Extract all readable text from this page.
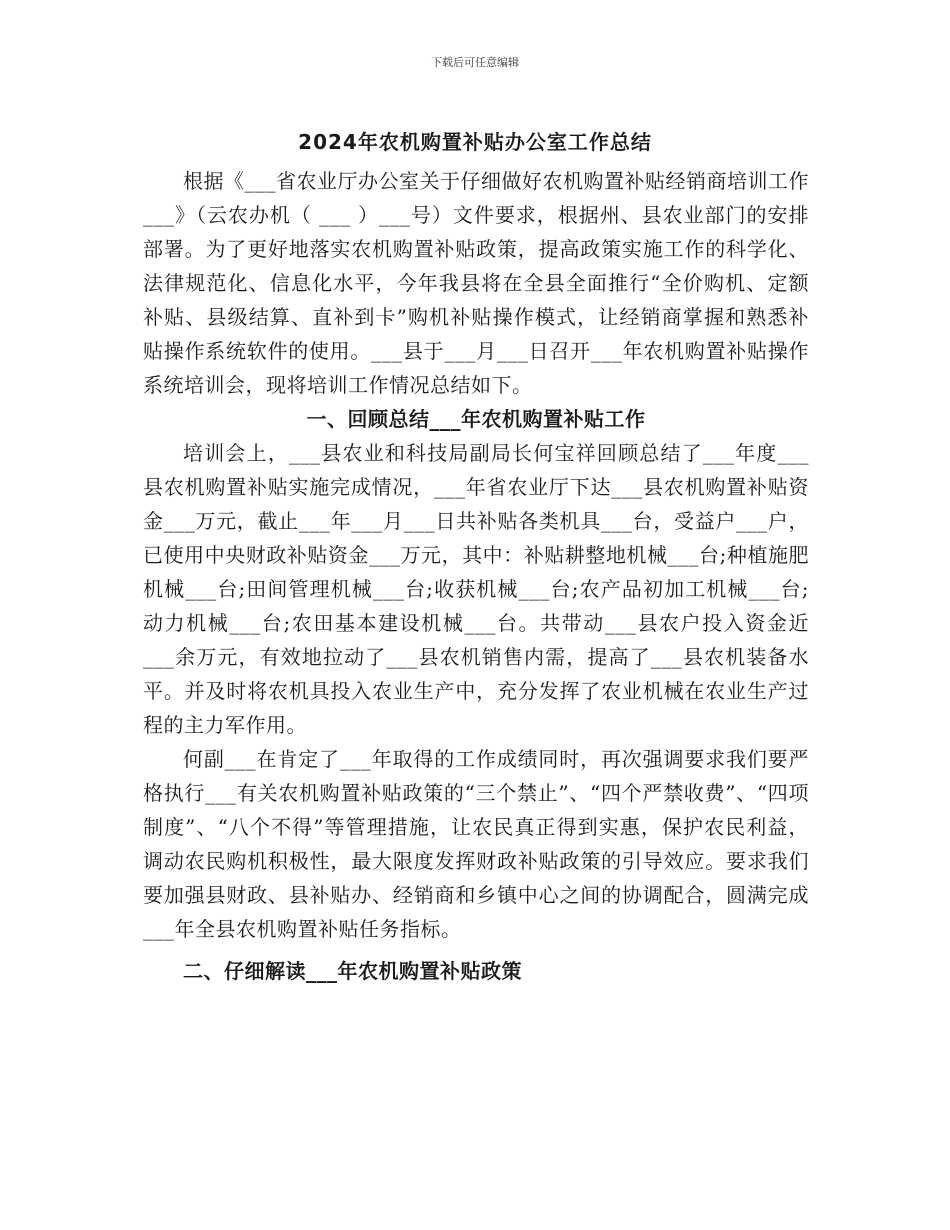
下载后可任意编辑
2024年农机购置补贴办公室工作总结

根据《___省农业厅办公室关于仔细做好农机购置补贴经销商培训工作___》（云农办机（ ___ ）___号）文件要求，根据州、县农业部门的安排部署。为了更好地落实农机购置补贴政策，提高政策实施工作的科学化、法律规范化、信息化水平，今年我县将在全县全面推行“全价购机、定额补贴、县级结算、直补到卡”购机补贴操作模式，让经销商掌握和熟悉补贴操作系统软件的使用。___县于___月___日召开___年农机购置补贴操作系统培训会，现将培训工作情况总结如下。

一、回顾总结___年农机购置补贴工作

培训会上，___县农业和科技局副局长何宝祥回顾总结了___年度___县农机购置补贴实施完成情况，___年省农业厅下达___县农机购置补贴资金___万元，截止___年___月___日共补贴各类机具___台，受益户___户，已使用中央财政补贴资金___万元，其中：补贴耕整地机械___台;种植施肥机械___台;田间管理机械___台;收获机械___台;农产品初加工机械___台;动力机械___台;农田基本建设机械___台。共带动___县农户投入资金近___余万元，有效地拉动了___县农机销售内需，提高了___县农机装备水平。并及时将农机具投入农业生产中，充分发挥了农业机械在农业生产过程的主力军作用。

何副___在肯定了___年取得的工作成绩同时，再次强调要求我们要严格执行___有关农机购置补贴政策的“三个禁止”、“四个严禁收费”、“四项制度”、“八个不得”等管理措施，让农民真正得到实惠，保护农民利益，调动农民购机积极性，最大限度发挥财政补贴政策的引导效应。要求我们要加强县财政、县补贴办、经销商和乡镇中心之间的协调配合，圆满完成___年全县农机购置补贴任务指标。

二、仔细解读___年农机购置补贴政策
